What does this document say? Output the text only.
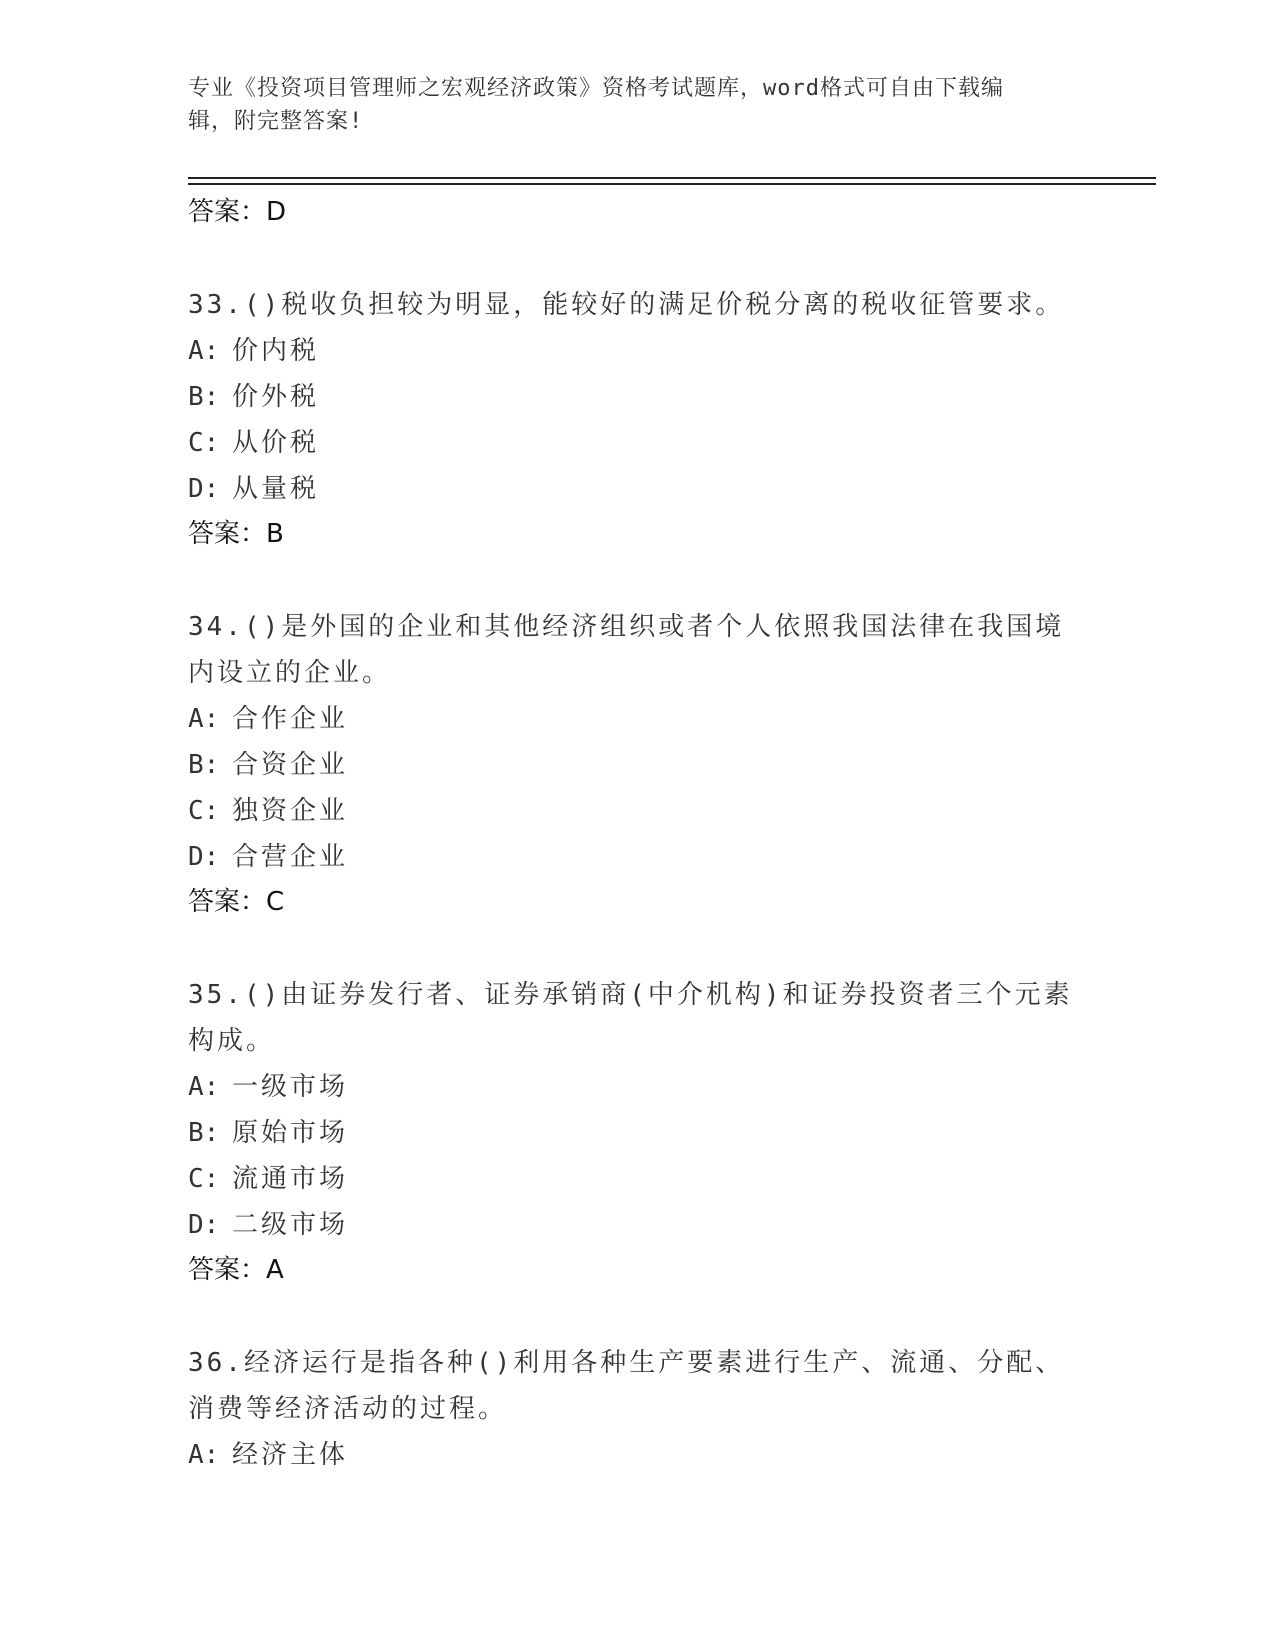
专业《投资项目管理师之宏观经济政策》资格考试题库，word格式可自由下载编
辑，附完整答案!
答案：D
33.()税收负担较为明显，能较好的满足价税分离的税收征管要求。
A: 价内税
B: 价外税
C: 从价税
D: 从量税
答案：B
34.()是外国的企业和其他经济组织或者个人依照我国法律在我国境内设立的企业。
A: 合作企业
B: 合资企业
C: 独资企业
D: 合营企业
答案：C
35.()由证券发行者、证券承销商(中介机构)和证券投资者三个元素构成。
A: 一级市场
B: 原始市场
C: 流通市场
D: 二级市场
答案：A
36.经济运行是指各种()利用各种生产要素进行生产、流通、分配、消费等经济活动的过程。
A: 经济主体
